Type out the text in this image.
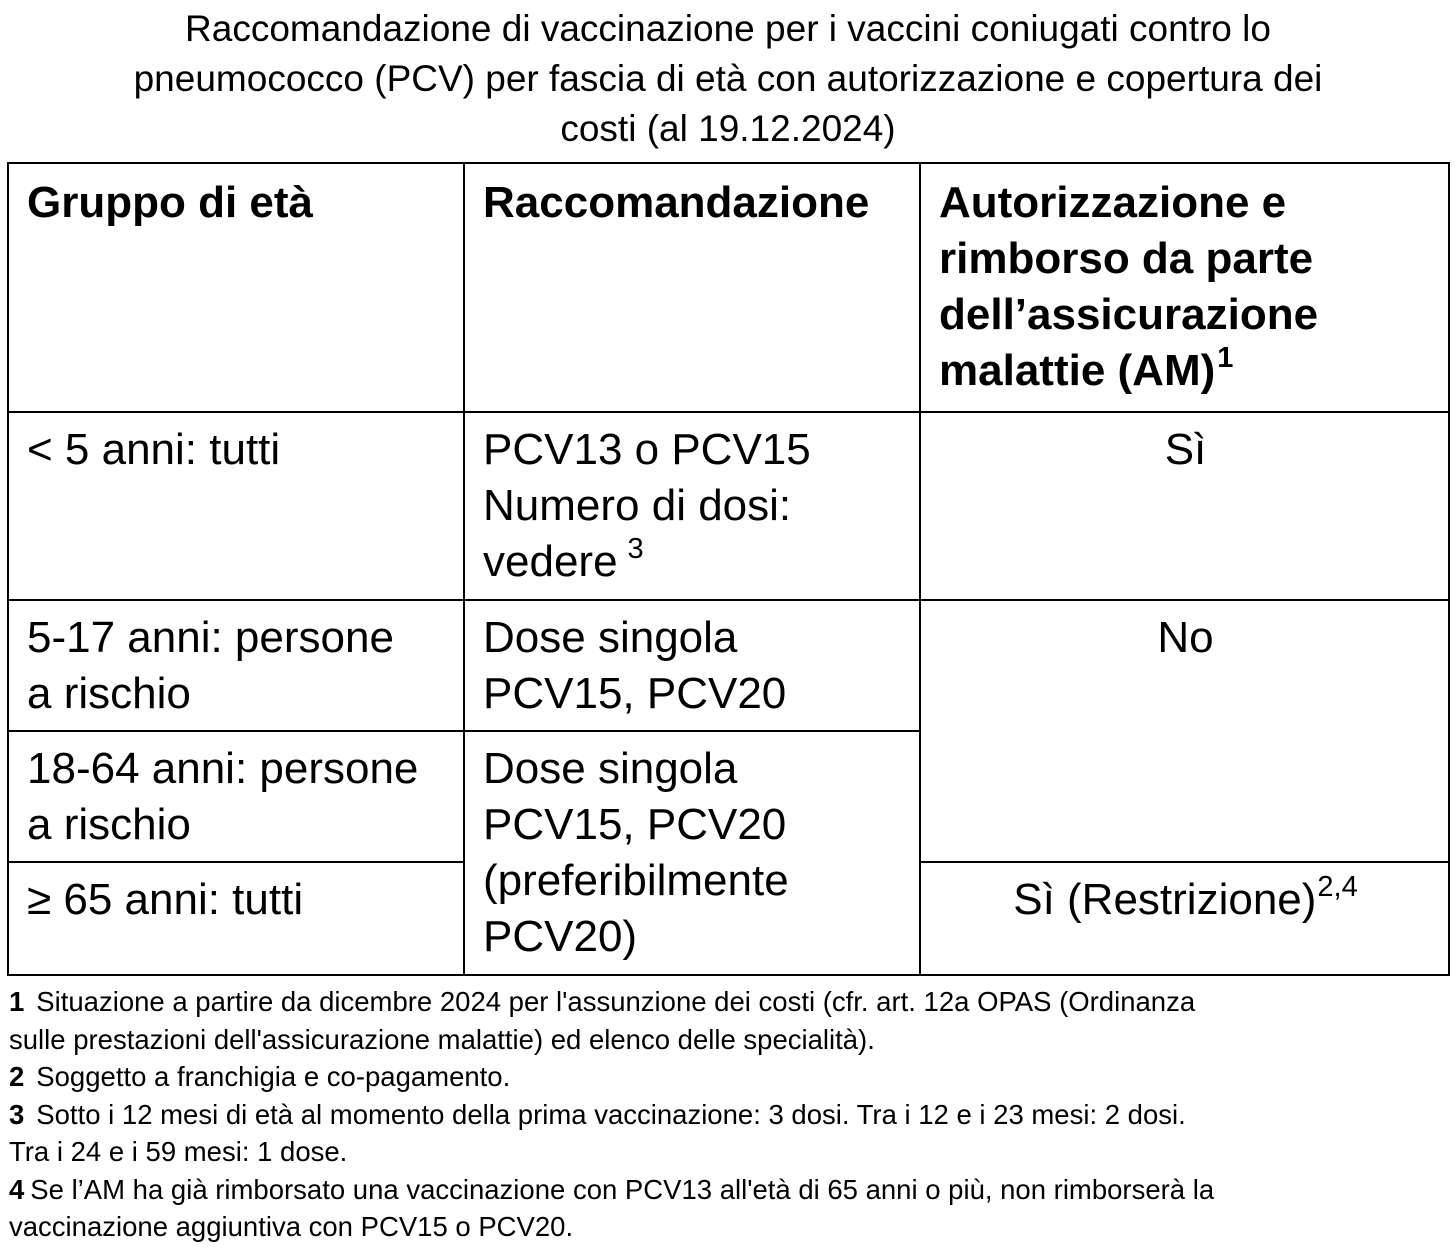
Raccomandazione di vaccinazione per i vaccini coniugati contro lo
pneumococco (PCV) per fascia di età con autorizzazione e copertura dei
costi (al 19.12.2024)
Gruppo di età	Raccomandazione	Autorizzazione e
rimborso da parte
dell’assicurazione
malattie (AM)$^1$

< 5 anni: tutti	PCV13 o PCV15
Numero di dosi:
vedere $^3$	Sì

5-17 anni: persone
a rischio	Dose singola
PCV15, PCV20	No

18-64 anni: persone
a rischio	Dose singola
PCV15, PCV20
(preferibilmente
PCV20)	

≥ 65 anni: tutti		Sì (Restrizione)$^{2,4}$
1 Situazione a partire da dicembre 2024 per l'assunzione dei costi (cfr. art. 12a OPAS (Ordinanza
sulle prestazioni dell'assicurazione malattie) ed elenco delle specialità).
2 Soggetto a franchigia e co-pagamento.
3 Sotto i 12 mesi di età al momento della prima vaccinazione: 3 dosi. Tra i 12 e i 23 mesi: 2 dosi.
Tra i 24 e i 59 mesi: 1 dose.
4 Se l’AM ha già rimborsato una vaccinazione con PCV13 all'età di 65 anni o più, non rimborserà la
vaccinazione aggiuntiva con PCV15 o PCV20.
